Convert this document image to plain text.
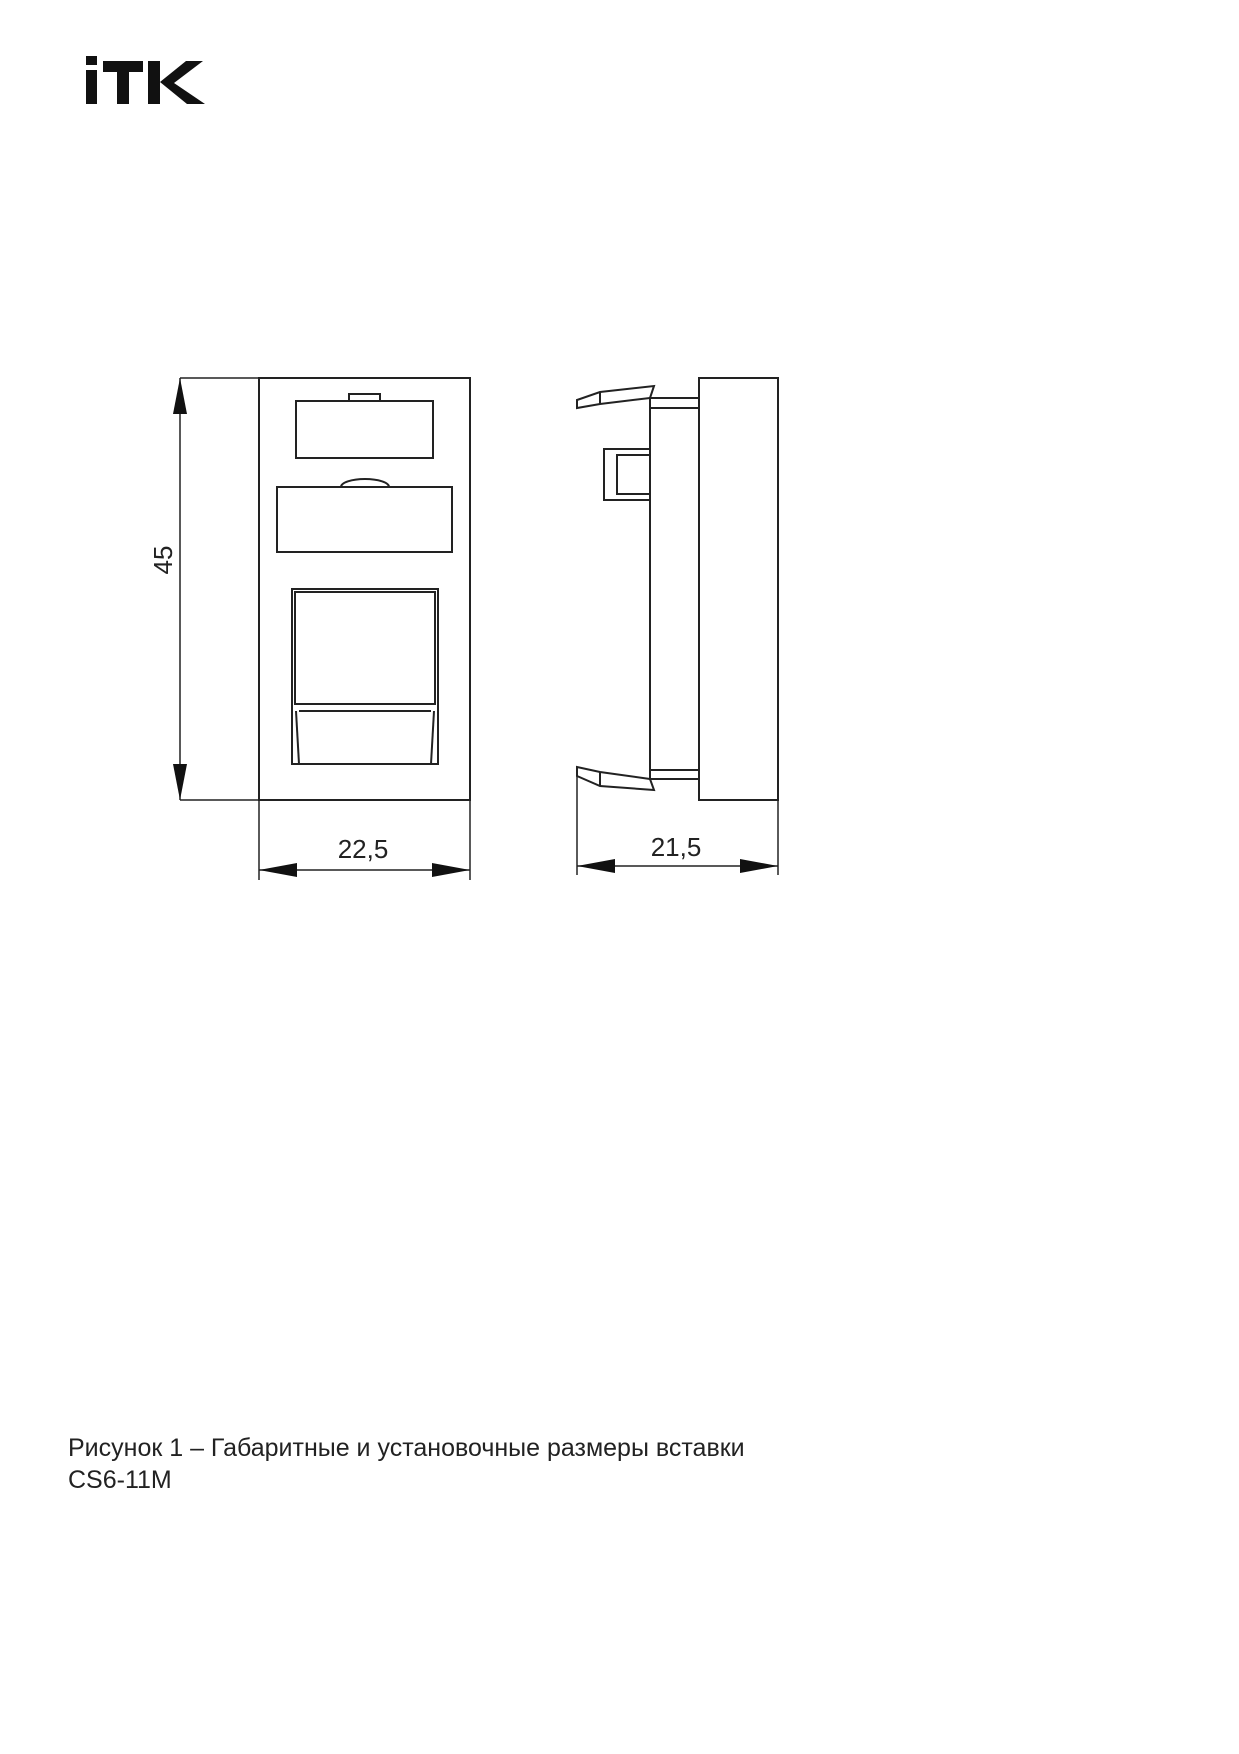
45
22,5	21,5
Рисунок 1 – Габаритные и установочные размеры вставки
CS6-11M
